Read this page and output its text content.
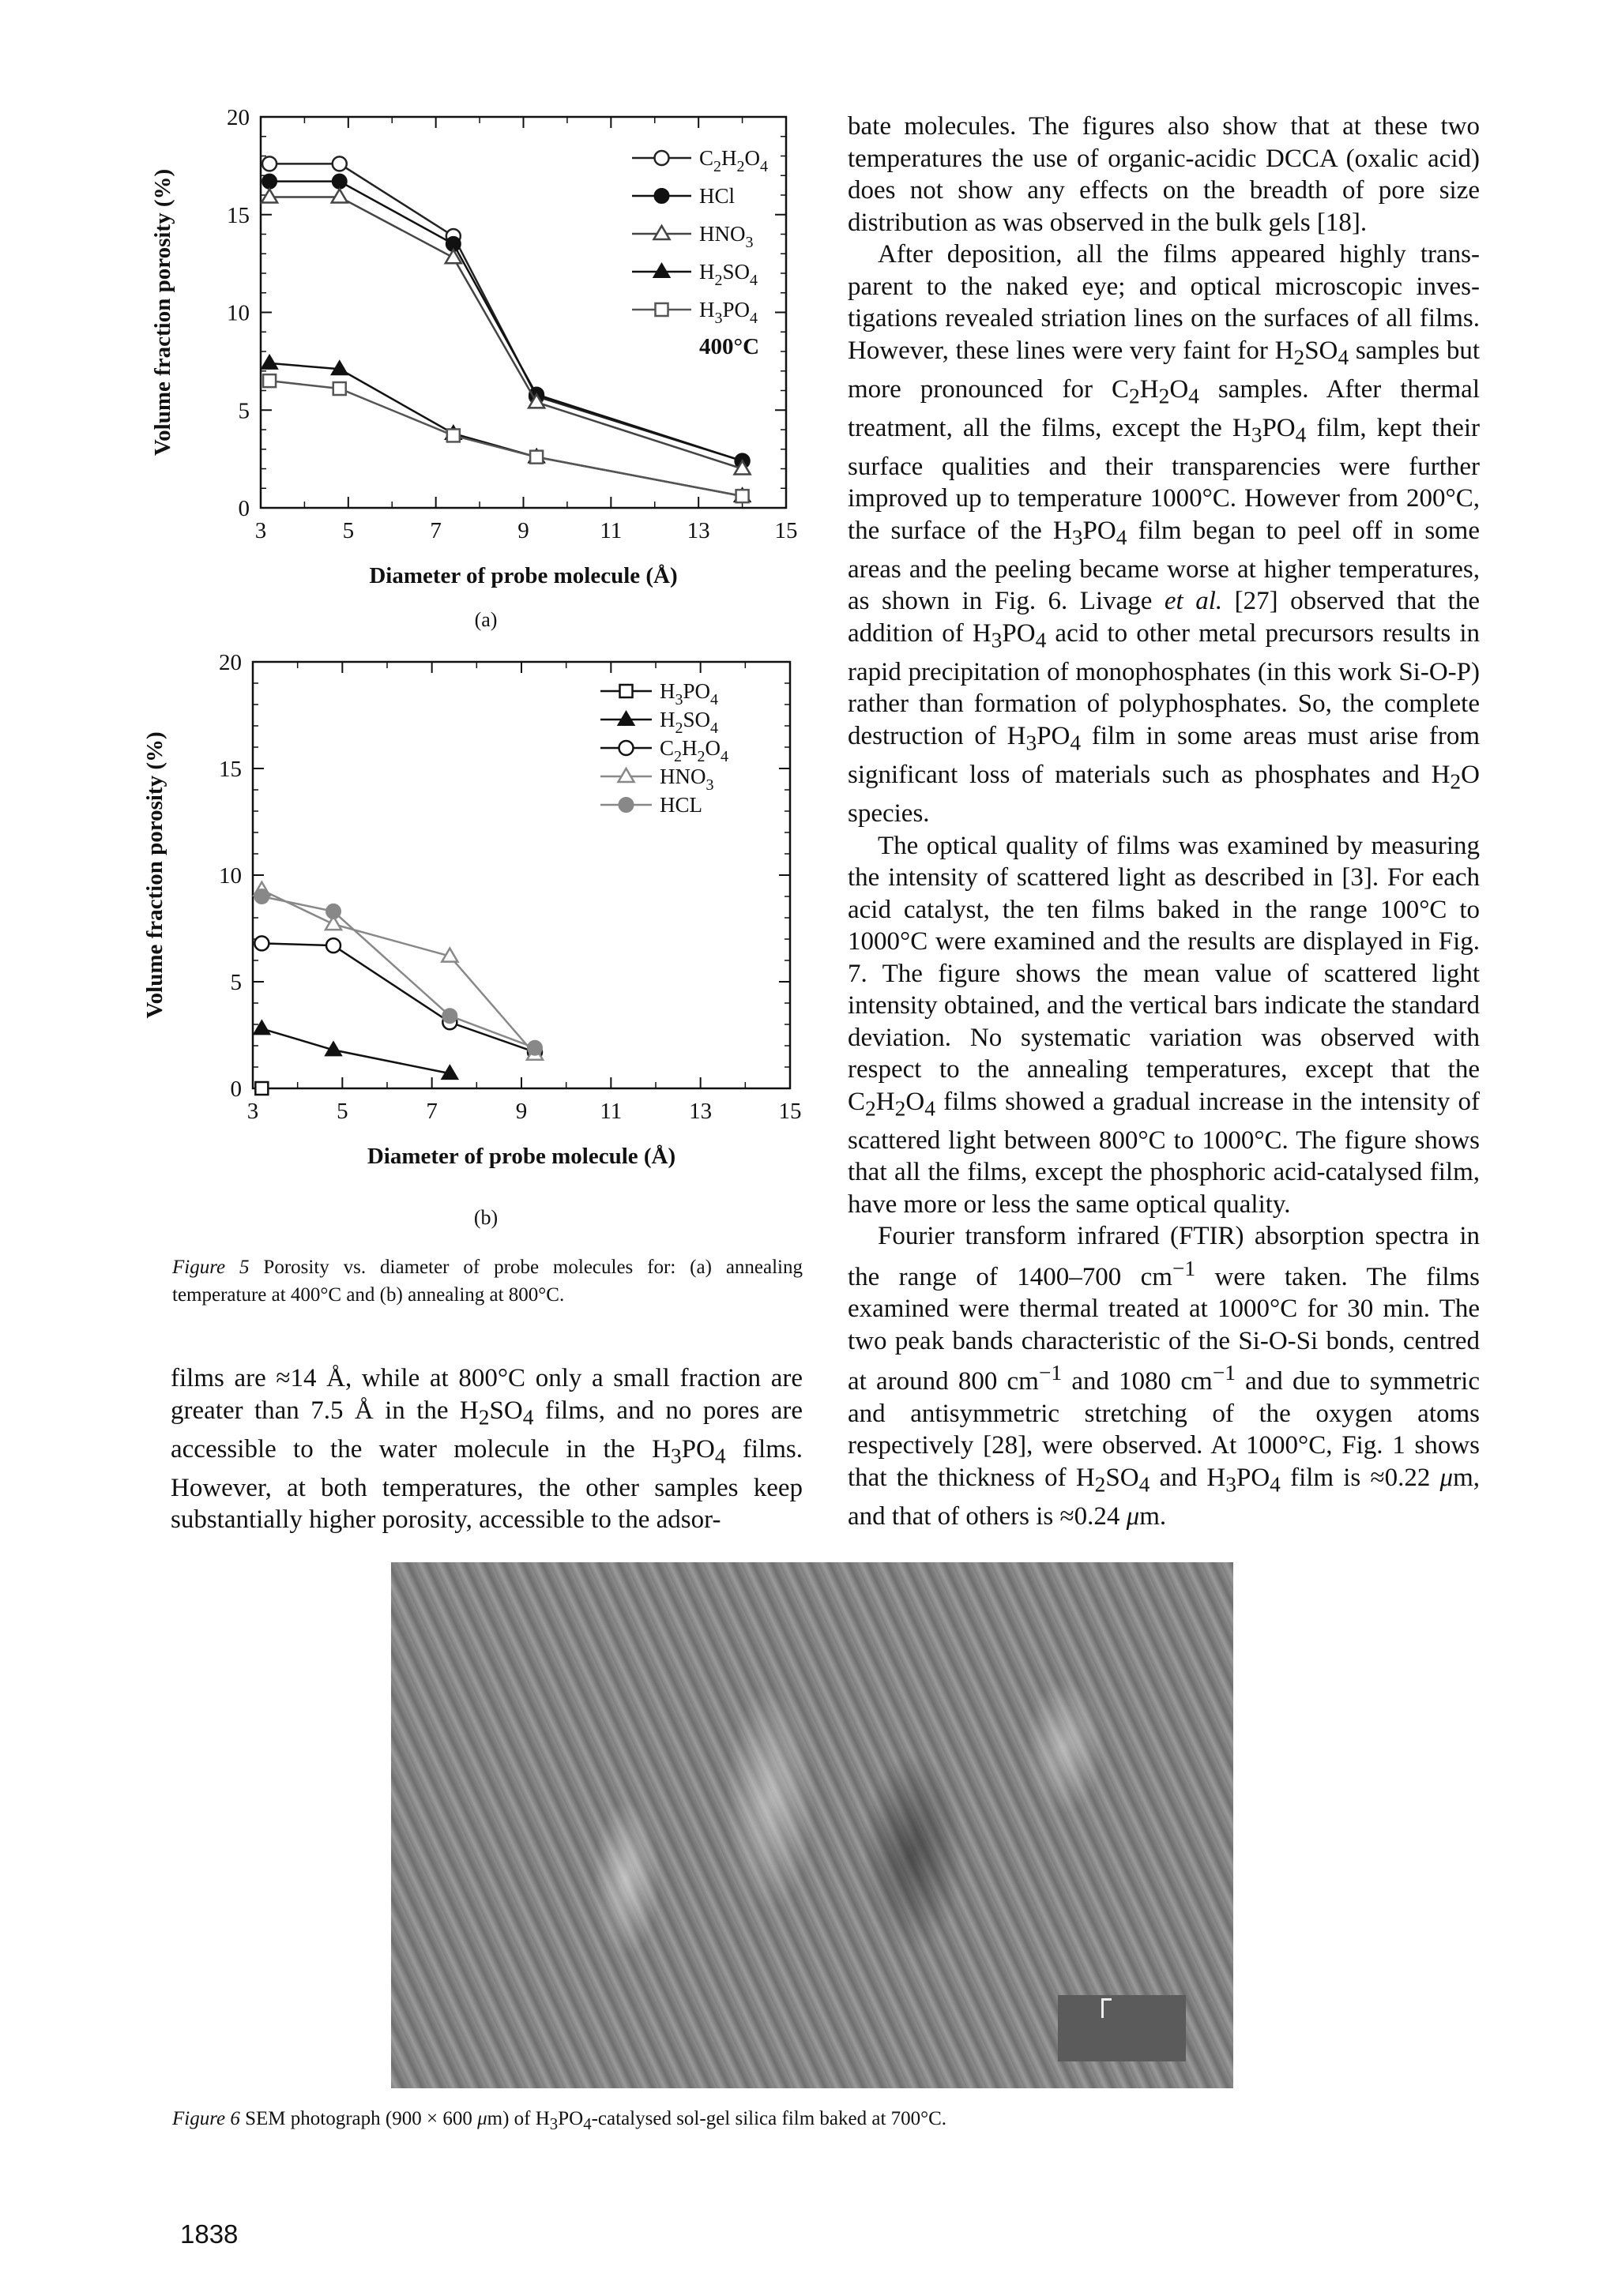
3	5	7	9	11	13	15
0
5
10
15
20
Diameter of probe molecule (Å)
Volume fraction porosity (%)
$C_2H_2O_4$
HCl
$HNO_3$
$H_2SO_4$
$H_3PO_4$
400°C
(a)
3	5	7	9	11	13	15
0
5
10
15
20
Diameter of probe molecule (Å)
Volume fraction porosity (%)
$H_3PO_4$
$H_2SO_4$
$C_2H_2O_4$
$HNO_3$
HCL
(b)
Figure 5 Porosity vs. diameter of probe molecules for: (a) annealing temperature at 400°C and (b) annealing at 800°C.

films are ≈14 Å, while at 800°C only a small fraction are greater than 7.5 Å in the $H_2SO_4$ films, and no pores are accessible to the water molecule in the $H_3PO_4$ films. However, at both temperatures, the other samples keep substantially higher porosity, accessible to the adsor-

bate molecules. The figures also show that at these two temperatures the use of organic-acidic DCCA (oxalic acid) does not show any effects on the breadth of pore size distribution as was observed in the bulk gels [18].

After deposition, all the films appeared highly transparent to the naked eye; and optical microscopic investigations revealed striation lines on the surfaces of all films. However, these lines were very faint for $H_2SO_4$ samples but more pronounced for $C_2H_2O_4$ samples. After thermal treatment, all the films, except the $H_3PO_4$ film, kept their surface qualities and their transparencies were further improved up to temperature 1000°C. However from 200°C, the surface of the $H_3PO_4$ film began to peel off in some areas and the peeling became worse at higher temperatures, as shown in Fig. 6. Livage et al. [27] observed that the addition of $H_3PO_4$ acid to other metal precursors results in rapid precipitation of monophosphates (in this work Si-O-P) rather than formation of polyphosphates. So, the complete destruction of $H_3PO_4$ film in some areas must arise from significant loss of materials such as phosphates and $H_2O$ species.

The optical quality of films was examined by measuring the intensity of scattered light as described in [3]. For each acid catalyst, the ten films baked in the range 100°C to 1000°C were examined and the results are displayed in Fig. 7. The figure shows the mean value of scattered light intensity obtained, and the vertical bars indicate the standard deviation. No systematic variation was observed with respect to the annealing temperatures, except that the $C_2H_2O_4$ films showed a gradual increase in the intensity of scattered light between 800°C to 1000°C. The figure shows that all the films, except the phosphoric acid-catalysed film, have more or less the same optical quality.

Fourier transform infrared (FTIR) absorption spectra in the range of 1400–700 $cm^{-1}$ were taken. The films examined were thermal treated at 1000°C for 30 min. The two peak bands characteristic of the Si-O-Si bonds, centred at around 800 $cm^{-1}$ and 1080 $cm^{-1}$ and due to symmetric and antisymmetric stretching of the oxygen atoms respectively [28], were observed. At 1000°C, Fig. 1 shows that the thickness of $H_2SO_4$ and $H_3PO_4$ film is ≈0.22 μm, and that of others is ≈0.24 μm.

Figure 6 SEM photograph (900 × 600 μm) of $H_3PO_4$-catalysed sol-gel silica film baked at 700°C.
1838
